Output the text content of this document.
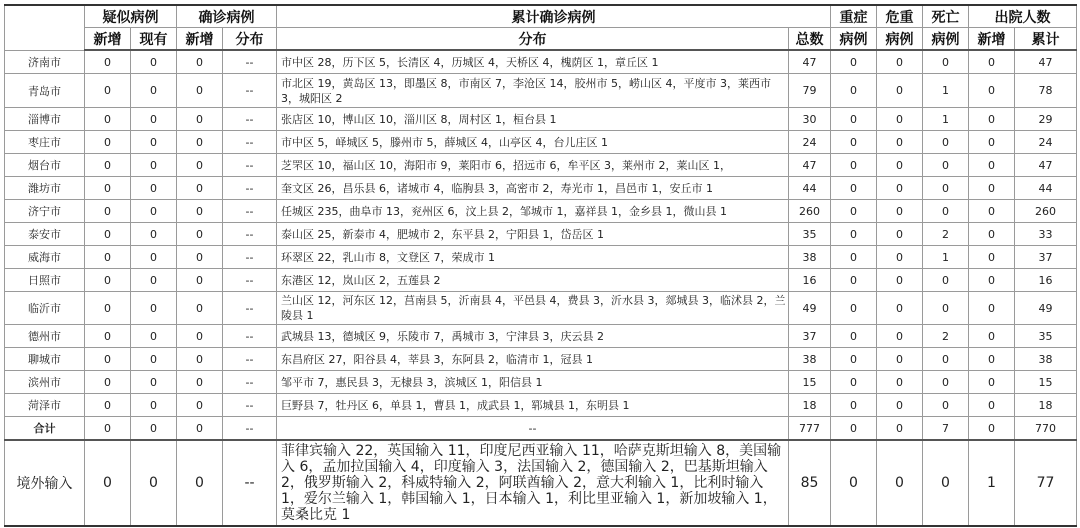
	疑似病例		确诊病例		累计确诊病例		重症	危重	死亡	出院人数	
	新增	现有	新增	分布	分布	总数	病例	病例	病例	新增	累计
济南市	0	0	0	--	市中区 28，历下区 5，长清区 4，历城区 4，天桥区 4，槐荫区 1，章丘区 1	47	0	0	0	0	47
青岛市	0	0	0	--	市北区 19，黄岛区 13，即墨区 8，市南区 7，李沧区 14，胶州市 5，崂山区 4，平度市 3，莱西市 3，城阳区 2	79	0	0	1	0	78
淄博市	0	0	0	--	张店区 10，博山区 10，淄川区 8，周村区 1，桓台县 1	30	0	0	1	0	29
枣庄市	0	0	0	--	市中区 5，峄城区 5，滕州市 5，薛城区 4，山亭区 4，台儿庄区 1	24	0	0	0	0	24
烟台市	0	0	0	--	芝罘区 10，福山区 10，海阳市 9，莱阳市 6，招远市 6，牟平区 3，莱州市 2，莱山区 1，	47	0	0	0	0	47
潍坊市	0	0	0	--	奎文区 26，昌乐县 6，诸城市 4，临朐县 3，高密市 2，寿光市 1，昌邑市 1，安丘市 1	44	0	0	0	0	44
济宁市	0	0	0	--	任城区 235，曲阜市 13，兖州区 6，汶上县 2，邹城市 1，嘉祥县 1，金乡县 1，微山县 1	260	0	0	0	0	260
泰安市	0	0	0	--	泰山区 25，新泰市 4，肥城市 2，东平县 2，宁阳县 1，岱岳区 1	35	0	0	2	0	33
威海市	0	0	0	--	环翠区 22，乳山市 8，文登区 7，荣成市 1	38	0	0	1	0	37
日照市	0	0	0	--	东港区 12，岚山区 2，五莲县 2	16	0	0	0	0	16
临沂市	0	0	0	--	兰山区 12，河东区 12，莒南县 5，沂南县 4，平邑县 4，费县 3，沂水县 3，郯城县 3，临沭县 2，兰陵县 1	49	0	0	0	0	49
德州市	0	0	0	--	武城县 13，德城区 9，乐陵市 7，禹城市 3，宁津县 3，庆云县 2	37	0	0	2	0	35
聊城市	0	0	0	--	东昌府区 27，阳谷县 4，莘县 3，东阿县 2，临清市 1，冠县 1	38	0	0	0	0	38
滨州市	0	0	0	--	邹平市 7，惠民县 3，无棣县 3，滨城区 1，阳信县 1	15	0	0	0	0	15
菏泽市	0	0	0	--	巨野县 7，牡丹区 6，单县 1，曹县 1，成武县 1，郓城县 1，东明县 1	18	0	0	0	0	18
合计	0	0	0	--	--	777	0	0	7	0	770
境外输入	0	0	0	--	菲律宾输入 22，英国输入 11，印度尼西亚输入 11，哈萨克斯坦输入 8，美国输入 6，孟加拉国输入 4，印度输入 3，法国输入 2，德国输入 2，巴基斯坦输入 2，俄罗斯输入 2，科威特输入 2，阿联酋输入 2，意大利输入 1，比利时输入 1，爱尔兰输入 1，韩国输入 1，日本输入 1，利比里亚输入 1，新加坡输入 1，莫桑比克 1	85	0	0	0	1	77
